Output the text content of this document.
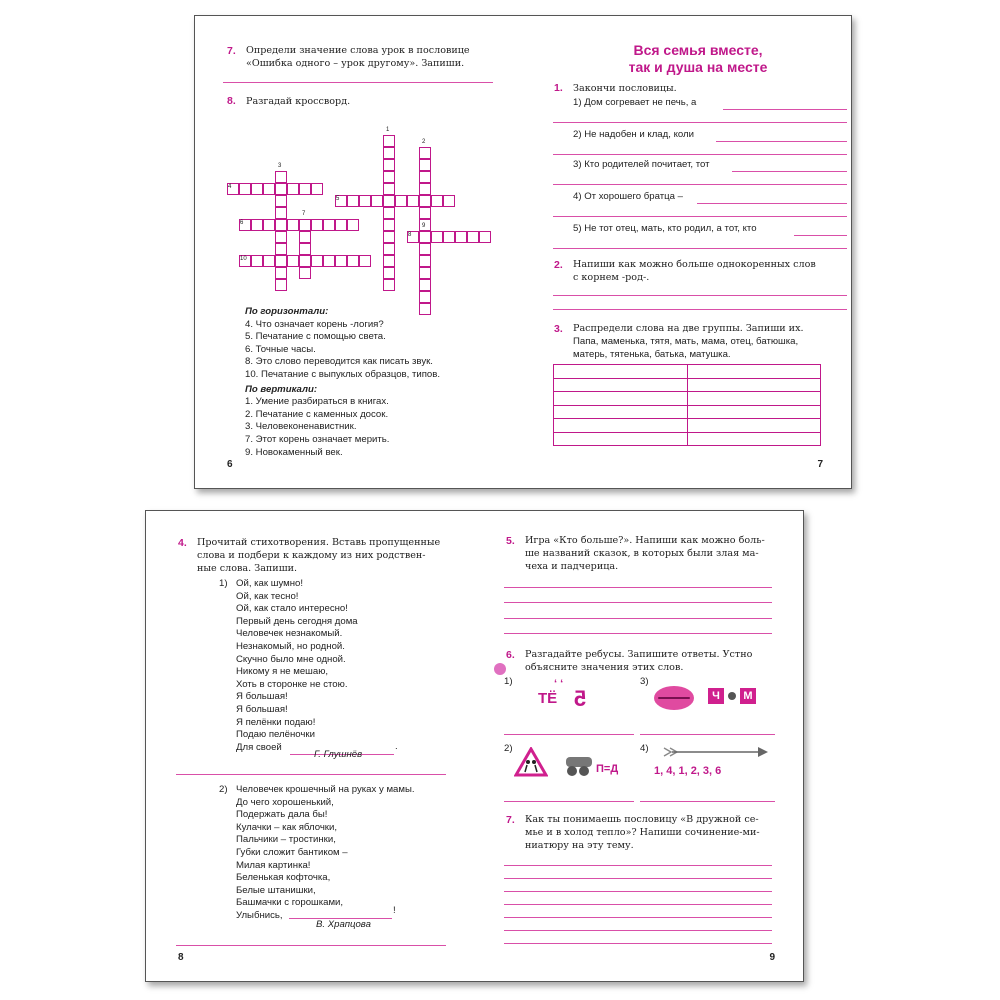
7. Определи значение слова урок в пословице
«Ошибка одного – урок другому». Запиши.
8. Разгадай кроссворд.
1
2
3
4
5
6
7
8
9
10
По горизонтали:
4. Что означает корень -логия?
5. Печатание с помощью света.
6. Точные часы.
8. Это слово переводится как писать звук.
10. Печатание с выпуклых образцов, типов.
По вертикали:
1. Умение разбираться в книгах.
2. Печатание с каменных досок.
3. Человеконенавистник.
7. Этот корень означает мерить.
9. Новокаменный век.
6
Вся семья вместе,
так и душа на месте
1. Закончи пословицы.
1) Дом согревает не печь, а
2) Не надобен и клад, коли
3) Кто родителей почитает, тот
4) От хорошего братца –
5) Не тот отец, мать, кто родил, а тот, кто
2. Напиши как можно больше однокоренных слов
с корнем -род-.
3. Распредели слова на две группы. Запиши их.
Папа, маменька, тятя, мать, мама, отец, батюшка,
матерь, тятенька, батька, матушка.

7
4. Прочитай стихотворения. Вставь пропущенные
слова и подбери к каждому из них родствен-
ные слова. Запиши.
1) Ой, как шумно!
Ой, как тесно!
Ой, как стало интересно!
Первый день сегодня дома
Человечек незнакомый.
Незнакомый, но родной.
Скучно было мне одной.
Никому я не мешаю,
Хоть в сторонке не стою.
Я большая!
Я большая!
Я пелёнки подаю!
Подаю пелёночки
Для своей	.
Г. Глушнёв
2) Человечек крошечный на руках у мамы.
До чего хорошенький,
Подержать дала бы!
Кулачки – как яблочки,
Пальчики – тростинки,
Губки сложит бантиком –
Милая картинка!
Беленькая кофточка,
Белые штанишки,
Башмачки с горошками,
Улыбнись,	!
В. Храпцова
8
5. Игра «Кто больше?». Напиши как можно боль-
ше названий сказок, в которых были злая ма-
чеха и падчерица.
6. Разгадайте ребусы. Запишите ответы. Устно
объясните значения этих слов.
1)	‘ ‘
ТЁ 5
3)
Ч	М
2)
П=Д
4)
1, 4, 1, 2, 3, 6
7. Как ты понимаешь пословицу «В дружной се-
мье и в холод тепло»? Напиши сочинение-ми-
ниатюру на эту тему.
9
